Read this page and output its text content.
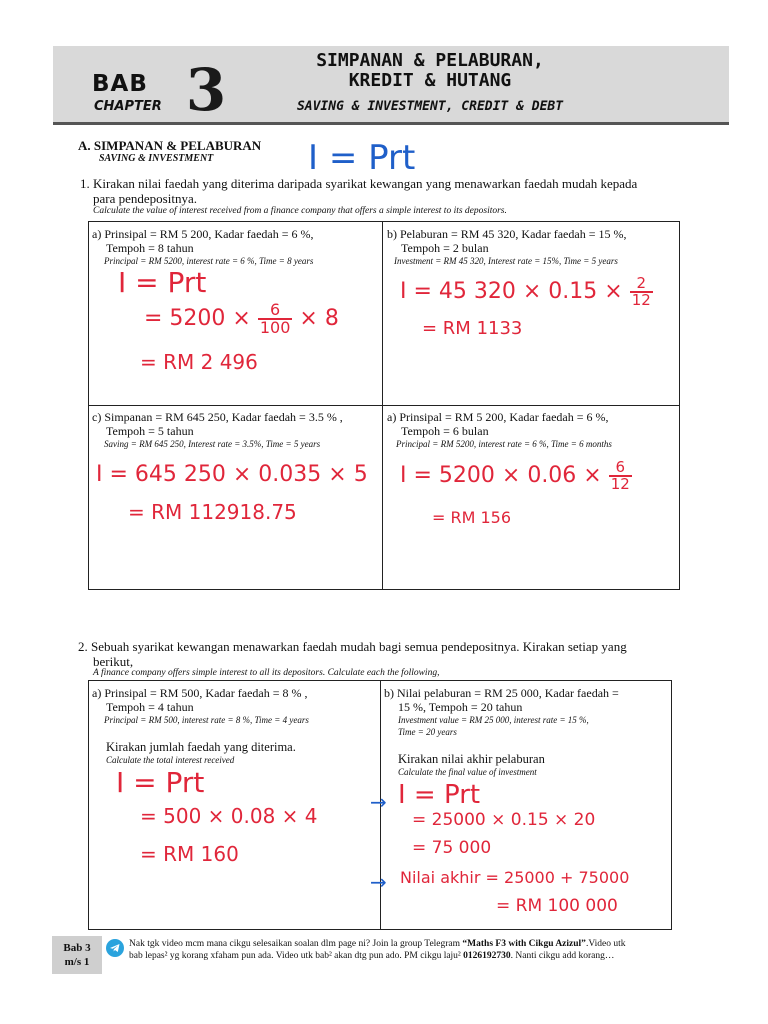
BAB
CHAPTER 3	SIMPANAN & PELABURAN,
KREDIT & HUTANG
SAVING & INVESTMENT, CREDIT & DEBT
A. SIMPANAN & PELABURAN
SAVING & INVESTMENT	I = Prt
1. Kirakan nilai faedah yang diterima daripada syarikat kewangan yang menawarkan faedah mudah kepada
para pendepositnya.
Calculate the value of interest received from a finance company that offers a simple interest to its depositors.
a) Prinsipal = RM 5 200, Kadar faedah = 6 %,
Tempoh = 8 tahun
Principal = RM 5200, interest rate = 6 %, Time = 8 years
I = Prt
= $5200 \times \frac{6}{100} \times 8$
= RM 2 496
b) Pelaburan = RM 45 320, Kadar faedah = 15 %,
Tempoh = 2 bulan
Investment = RM 45 320, Interest rate = 15%, Time = 5 years
I = 45 $320 \times 0.15 \times \frac{2}{12}$
= RM 1133
c) Simpanan = RM 645 250, Kadar faedah = 3.5 % ,
Tempoh = 5 tahun
Saving = RM 645 250, Interest rate = 3.5%, Time = 5 years
I = 645 250 × 0.035 × 5
= RM 112918.75
a) Prinsipal = RM 5 200, Kadar faedah = 6 %,
Tempoh = 6 bulan
Principal = RM 5200, interest rate = 6 %, Time = 6 months
$I = 5200 \times 0.06 \times \frac{6}{12}$
= RM 156
2. Sebuah syarikat kewangan menawarkan faedah mudah bagi semua pendepositnya. Kirakan setiap yang
berikut,
A finance company offers simple interest to all its depositors. Calculate each the following,
a) Prinsipal = RM 500, Kadar faedah = 8 % ,
Tempoh = 4 tahun
Principal = RM 500, interest rate = 8 %, Time = 4 years
Kirakan jumlah faedah yang diterima.
Calculate the total interest received
I = Prt
= 500 × 0.08 × 4
= RM 160
b) Nilai pelaburan = RM 25 000, Kadar faedah =
15 %, Tempoh = 20 tahun
Investment value = RM 25 000, interest rate = 15 %,
Time = 20 years
Kirakan nilai akhir pelaburan
Calculate the final value of investment
→ I = Prt
= 25000 × 0.15 × 20
= 75 000
→ Nilai akhir = 25000 + 75000
= RM 100 000
Bab 3
m/s 1
Nak tgk video mcm mana cikgu selesaikan soalan dlm page ni? Join la group Telegram “Maths F3 with Cikgu Azizul”.Video utk
bab lepas² yg korang xfaham pun ada. Video utk bab² akan dtg pun ado. PM cikgu laju² 0126192730. Nanti cikgu add korang…
